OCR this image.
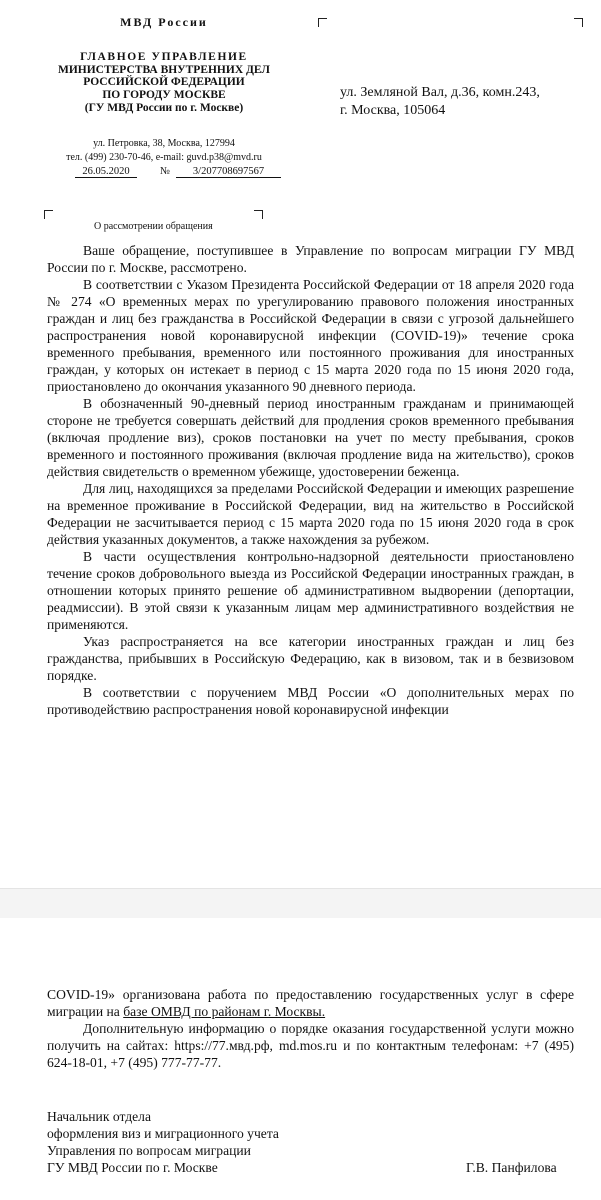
МВД России
ГЛАВНОЕ УПРАВЛЕНИЕ
МИНИСТЕРСТВА ВНУТРЕННИХ ДЕЛ
РОССИЙСКОЙ ФЕДЕРАЦИИ
ПО ГОРОДУ МОСКВЕ
(ГУ МВД России по г. Москве)
ул. Петровка, 38, Москва, 127994
тел. (499) 230-70-46, e-mail: guvd.p38@mvd.ru
26.05.2020	№	3/207708697567
ул. Земляной Вал, д.36, комн.243,
г. Москва, 105064
О рассмотрении обращения

Ваше обращение, поступившее в Управление по вопросам миграции ГУ МВД России по г. Москве, рассмотрено.

В соответствии с Указом Президента Российской Федерации от 18 апреля 2020 года № 274 «О временных мерах по урегулированию правового положения иностранных граждан и лиц без гражданства в Российской Федерации в связи с угрозой дальнейшего распространения новой коронавирусной инфекции (COVID-19)» течение срока временного пребывания, временного или постоянного проживания для иностранных граждан, у которых он истекает в период с 15 марта 2020 года по 15 июня 2020 года, приостановлено до окончания указанного 90 дневного периода.

В обозначенный 90-дневный период иностранным гражданам и принимающей стороне не требуется совершать действий для продления сроков временного пребывания (включая продление виз), сроков постановки на учет по месту пребывания, сроков временного и постоянного проживания (включая продление вида на жительство), сроков действия свидетельств о временном убежище, удостоверении беженца.

Для лиц, находящихся за пределами Российской Федерации и имеющих разрешение на временное проживание в Российской Федерации, вид на жительство в Российской Федерации не засчитывается период с 15 марта 2020 года по 15 июня 2020 года в срок действия указанных документов, а также нахождения за рубежом.

В части осуществления контрольно-надзорной деятельности приостановлено течение сроков добровольного выезда из Российской Федерации иностранных граждан, в отношении которых принято решение об административном выдворении (депортации, реадмиссии). В этой связи к указанным лицам мер административного воздействия не применяются.

Указ распространяется на все категории иностранных граждан и лиц без гражданства, прибывших в Российскую Федерацию, как в визовом, так и в безвизовом порядке.

В соответствии с поручением МВД России «О дополнительных мерах по противодействию распространения новой коронавирусной инфекции

COVID-19» организована работа по предоставлению государственных услуг в сфере миграции на базе ОМВД по районам г. Москвы.

Дополнительную информацию о порядке оказания государственной услуги можно получить на сайтах: https://77.мвд.рф, md.mos.ru и по контактным телефонам: +7 (495) 624-18-01, +7 (495) 777-77-77.

Начальник отдела
оформления виз и миграционного учета
Управления по вопросам миграции
ГУ МВД России по г. Москве	Г.В. Панфилова
